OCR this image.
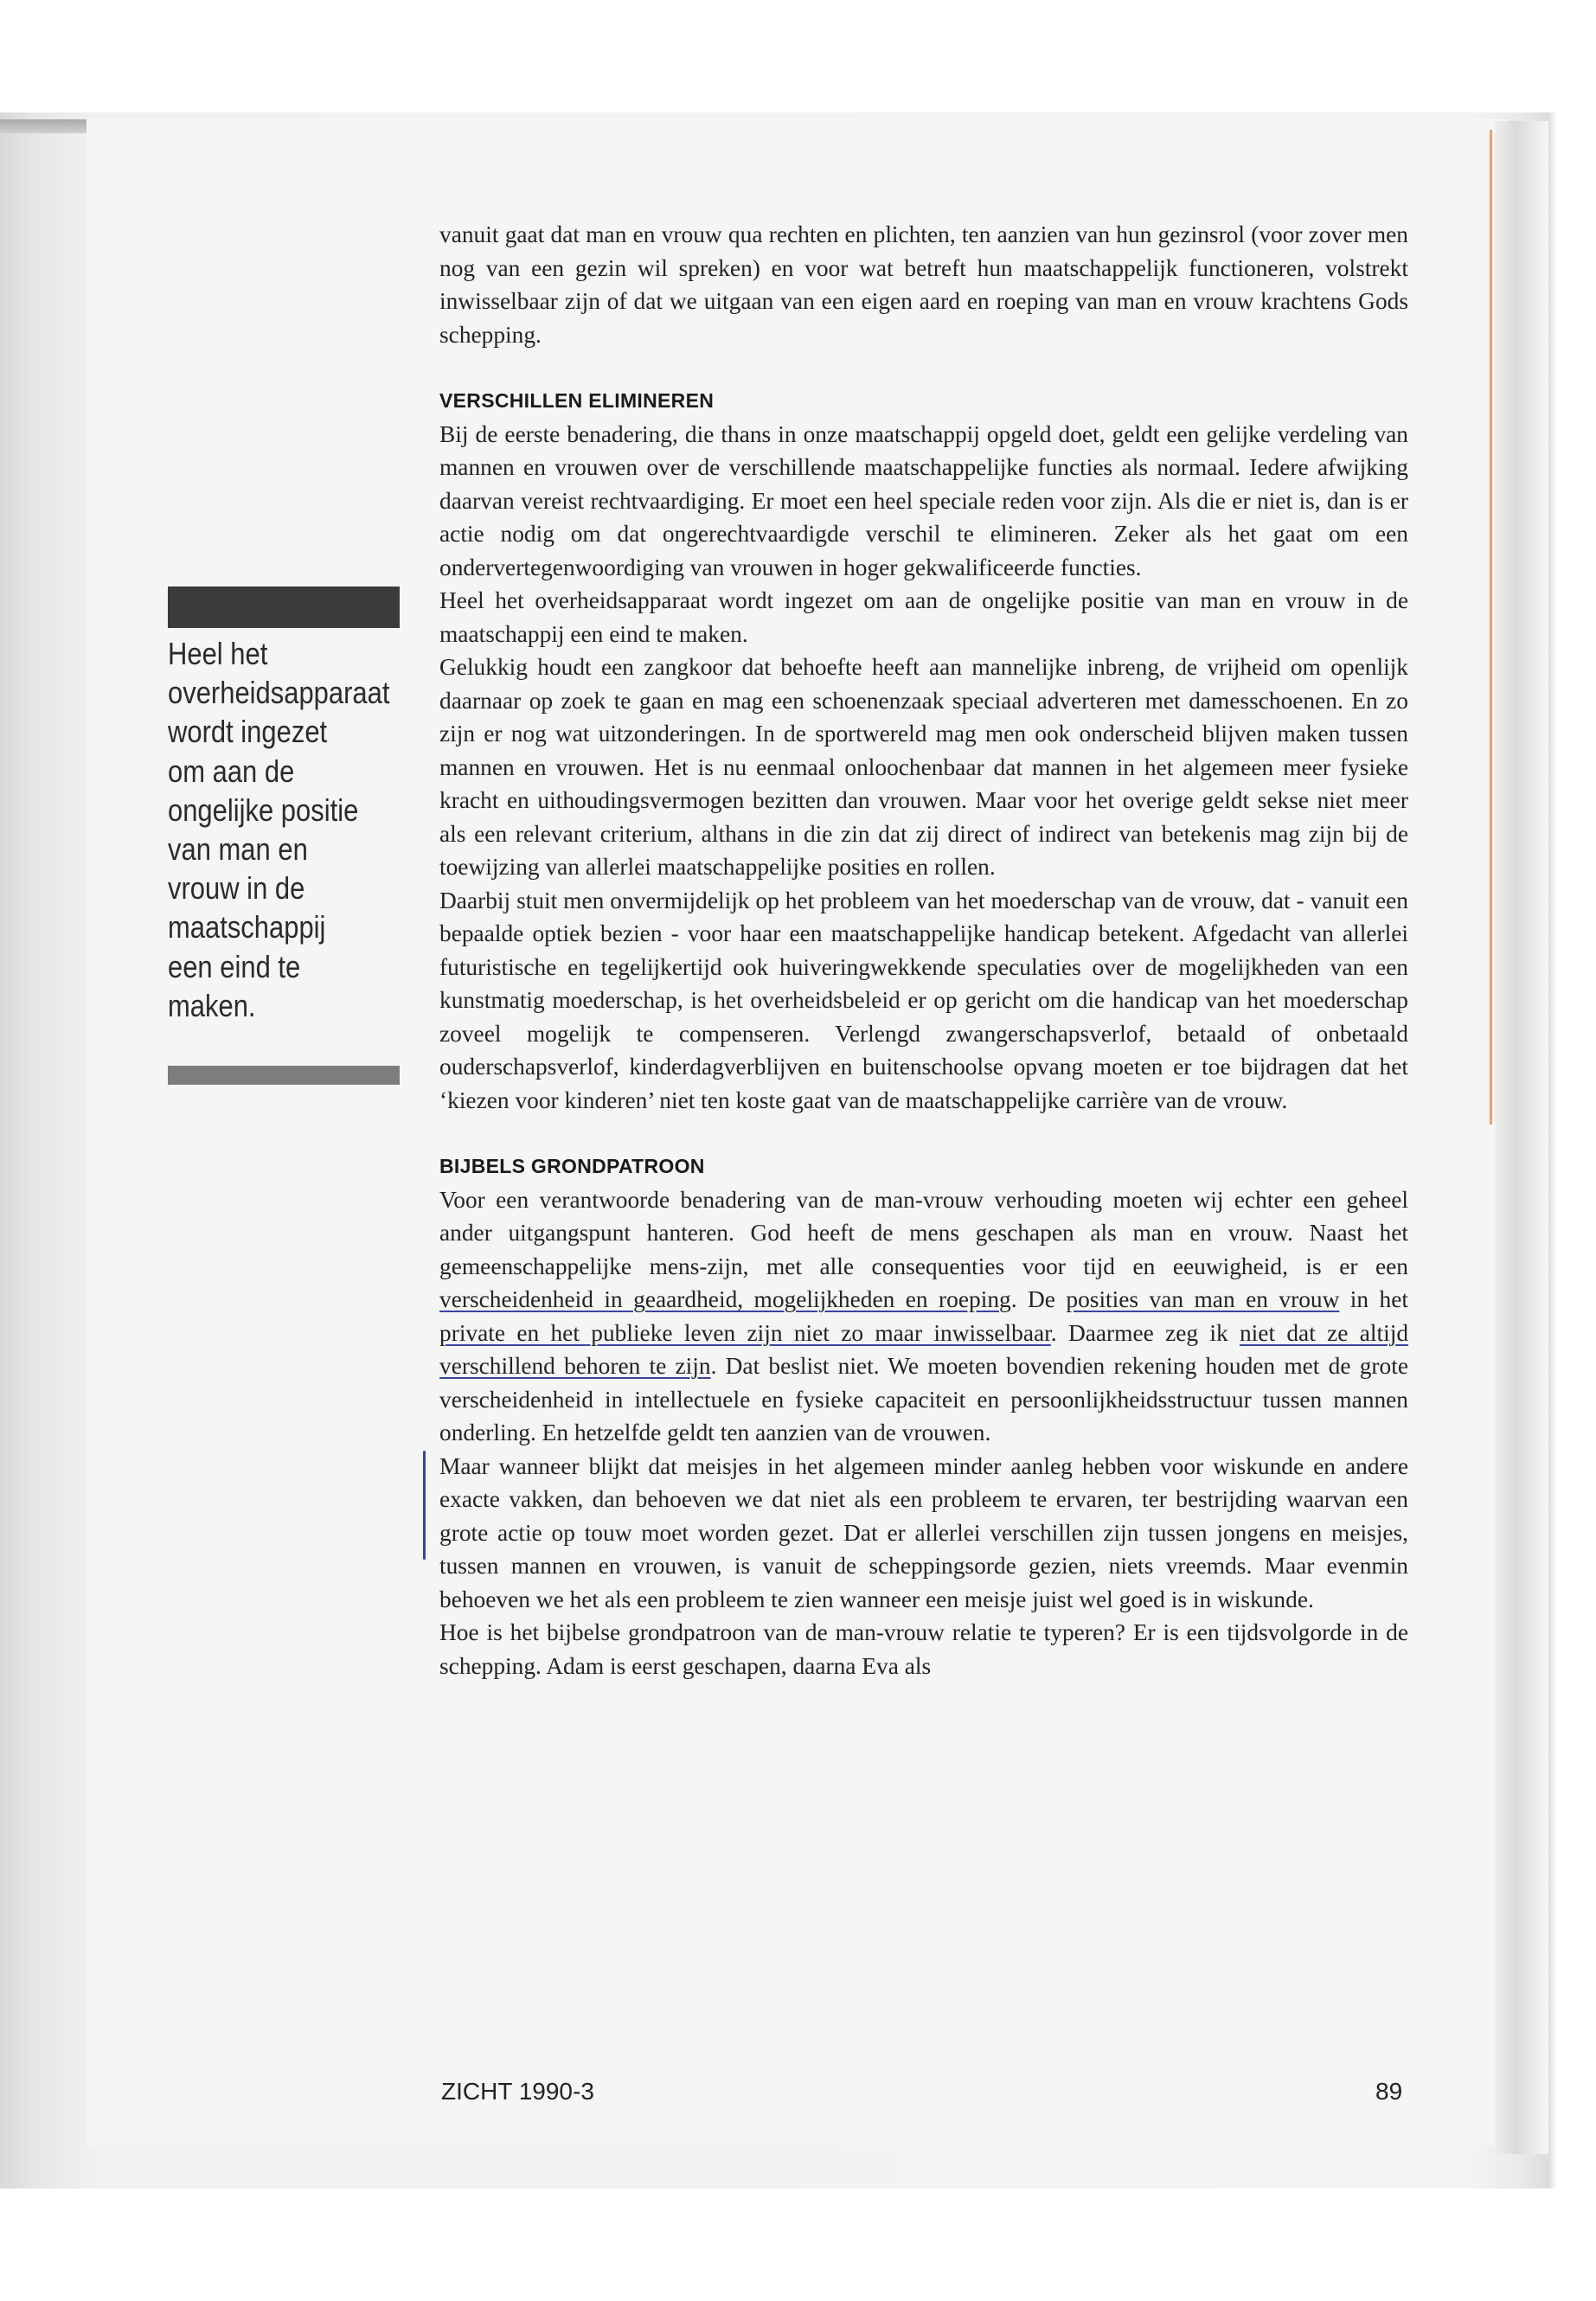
Heel het overheidsapparaat wordt ingezet om aan de ongelijke positie van man en vrouw in de maatschappij een eind te maken.

vanuit gaat dat man en vrouw qua rechten en plichten, ten aanzien van hun gezinsrol (voor zover men nog van een gezin wil spreken) en voor wat betreft hun maatschappelijk functioneren, volstrekt inwisselbaar zijn of dat we uitgaan van een eigen aard en roeping van man en vrouw krachtens Gods schepping.

VERSCHILLEN ELIMINEREN

Bij de eerste benadering, die thans in onze maatschappij opgeld doet, geldt een gelijke verdeling van mannen en vrouwen over de verschillende maatschappelijke functies als normaal. Iedere afwijking daarvan vereist rechtvaardiging. Er moet een heel speciale reden voor zijn. Als die er niet is, dan is er actie nodig om dat ongerechtvaardigde verschil te elimineren. Zeker als het gaat om een ondervertegenwoordiging van vrouwen in hoger gekwalificeerde functies.

Heel het overheidsapparaat wordt ingezet om aan de ongelijke positie van man en vrouw in de maatschappij een eind te maken.

Gelukkig houdt een zangkoor dat behoefte heeft aan mannelijke inbreng, de vrijheid om openlijk daarnaar op zoek te gaan en mag een schoenenzaak speciaal adverteren met damesschoenen. En zo zijn er nog wat uitzonderingen. In de sportwereld mag men ook onderscheid blijven maken tussen mannen en vrouwen. Het is nu eenmaal onloochenbaar dat mannen in het algemeen meer fysieke kracht en uithoudingsvermogen bezitten dan vrouwen. Maar voor het overige geldt sekse niet meer als een relevant criterium, althans in die zin dat zij direct of indirect van betekenis mag zijn bij de toewijzing van allerlei maatschappelijke posities en rollen.

Daarbij stuit men onvermijdelijk op het probleem van het moederschap van de vrouw, dat - vanuit een bepaalde optiek bezien - voor haar een maatschappelijke handicap betekent. Afgedacht van allerlei futuristische en tegelijkertijd ook huiveringwekkende speculaties over de mogelijkheden van een kunstmatig moederschap, is het overheidsbeleid er op gericht om die handicap van het moederschap zoveel mogelijk te compenseren. Verlengd zwangerschapsverlof, betaald of onbetaald ouderschapsverlof, kinderdagverblijven en buitenschoolse opvang moeten er toe bijdragen dat het ‘kiezen voor kinderen’ niet ten koste gaat van de maatschappelijke carrière van de vrouw.

BIJBELS GRONDPATROON

Voor een verantwoorde benadering van de man-vrouw verhouding moeten wij echter een geheel ander uitgangspunt hanteren. God heeft de mens geschapen als man en vrouw. Naast het gemeenschappelijke mens-zijn, met alle consequenties voor tijd en eeuwigheid, is er een verscheidenheid in geaardheid, mogelijkheden en roeping. De posities van man en vrouw in het private en het publieke leven zijn niet zo maar inwisselbaar. Daarmee zeg ik niet dat ze altijd verschillend behoren te zijn. Dat beslist niet. We moeten bovendien rekening houden met de grote verscheidenheid in intellectuele en fysieke capaciteit en persoonlijkheidsstructuur tussen mannen onderling. En hetzelfde geldt ten aanzien van de vrouwen.

Maar wanneer blijkt dat meisjes in het algemeen minder aanleg hebben voor wiskunde en andere exacte vakken, dan behoeven we dat niet als een probleem te ervaren, ter bestrijding waarvan een grote actie op touw moet worden gezet. Dat er allerlei verschillen zijn tussen jongens en meisjes, tussen mannen en vrouwen, is vanuit de scheppingsorde gezien, niets vreemds. Maar evenmin behoeven we het als een probleem te zien wanneer een meisje juist wel goed is in wiskunde.

Hoe is het bijbelse grondpatroon van de man-vrouw relatie te typeren? Er is een tijdsvolgorde in de schepping. Adam is eerst geschapen, daarna Eva als

ZICHT 1990-3	89
